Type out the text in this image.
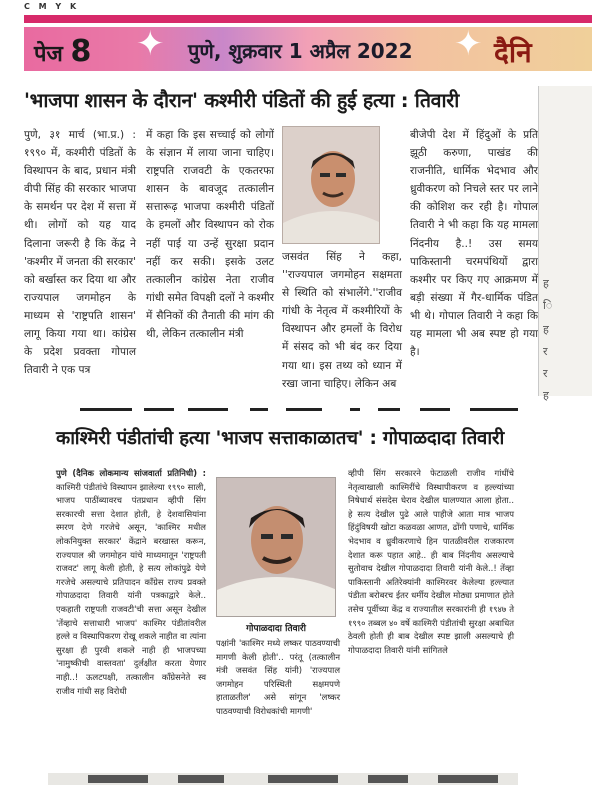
C M Y K
पेज 8 ✦ पुणे, शुक्रवार 1 अप्रैल 2022 ✦ दैनि
'भाजपा शासन के दौरान' कश्मीरी पंडितों की हुई हत्या : तिवारी
पुणे, ३१ मार्च (भा.प्र.) : १९९० में, कश्मीरी पंडितों के विस्थापन के बाद, प्रधान मंत्री वीपी सिंह की सरकार भाजपा के समर्थन पर देश में सत्ता में थी। लोगों को यह याद दिलाना जरूरी है कि केंद्र ने 'कश्मीर में जनता की सरकार' को बर्खास्त कर दिया था और राज्यपाल जगमोहन के माध्यम से 'राष्ट्रपति शासन' लागू किया गया था। कांग्रेस के प्रदेश प्रवक्ता गोपाल तिवारी ने एक पत्र
में कहा कि इस सच्चाई को लोगों के संज्ञान में लाया जाना चाहिए। राष्ट्रपति राजवटी के एकतरफा शासन के बावजूद तत्कालीन सत्तारूढ़ भाजपा कश्मीरी पंडितों के हमलों और विस्थापन को रोक नहीं पाई या उन्हें सुरक्षा प्रदान नहीं कर सकी। इसके उलट तत्कालीन कांग्रेस नेता राजीव गांधी समेत विपक्षी दलों ने कश्मीर में सैनिकों की तैनाती की मांग की थी, लेकिन तत्कालीन मंत्री
जसवंत सिंह ने कहा, ''राज्यपाल जगमोहन सक्षमता से स्थिति को संभालेंगे.''राजीव गांधी के नेतृत्व में कश्मीरियों के विस्थापन और हमलों के विरोध में संसद को भी बंद कर दिया गया था। इस तथ्य को ध्यान में रखा जाना चाहिए। लेकिन अब
बीजेपी देश में हिंदुओं के प्रति झूठी करुणा, पाखंड की राजनीति, धार्मिक भेदभाव और ध्रुवीकरण को निचले स्तर पर लाने की कोशिश कर रही है। गोपाल तिवारी ने भी कहा कि यह मामला निंदनीय है..! उस समय पाकिस्तानी चरमपंथियों द्वारा कश्मीर पर किए गए आक्रमण में बड़ी संख्या में गैर-धार्मिक पंडित भी थे। गोपाल तिवारी ने कहा कि यह मामला भी अब स्पष्ट हो गया है।
ह
ि
ह
र
र
ह
काश्मिरी पंडीतांची हत्या 'भाजप सत्ताकाळातच' : गोपाळदादा तिवारी
पुणे (दैनिक लोकमान्य सांजवार्ता प्रतिनिधी) : काश्मिरी पंडीतांचे विस्थापन झालेल्या १९९० साली, भाजप पाठींब्यावरच पंतप्रधान व्हीपी सिंग सरकारची सत्ता देशात होती, हे देशवासियांना स्मरण देणे गरजेचे असून, 'काश्मिर मधील लोकनियुक्त सरकार' केंद्राने बरखास्त करून, राज्यपाल श्री जगमोहन यांचे माध्यमातून 'राष्ट्रपती राजवट' लागू केली होती, हे सत्य लोकांपुढे येणे गरजेचे असल्याचे प्रतिपादन काँग्रेस राज्य प्रवक्ते गोपाळदादा तिवारी यांनी पत्रकाद्वारे केले.. एकहाती राष्ट्रपती राजवटी'ची सत्ता असून देखील 'तेंव्हाचे सत्ताधारी भाजप' काश्मिर पंडीतांवरील हल्ले व विस्थापिकरण रोखू शकले नाहीत वा त्यांना सुरक्षा ही पुरवी शकले नाही ही भाजपच्या 'नामुष्कीची वास्तवता' दुर्लक्षीत करता येणार नाही..! ऊलटपक्षी, तत्कालीन काँग्रेसनेते स्व राजीव गांधी सह विरोधी
गोपाळदादा तिवारी
पक्षांनी 'काश्मिर मध्ये लष्कर पाठवण्याची मागणी केली होती'.. परंतू (तत्कालीन मंत्री जसवंत सिंह यांनी) 'राज्यपाल जगमोहन परिस्थिती सक्षमपणे हाताळतील' असे सांगून 'लष्कर पाठवण्याची विरोधकांची मागणी'
व्हीपी सिंग सरकारने फेटाळली राजीव गांधींचे नेतृत्वाखाली काश्मिरींचे विस्थापीकरण व हल्ल्यांच्या निषेधार्थ संसदेस घेराव देखील घालण्यात आला होता.. हे सत्य देखील पुढे आले पाहीजे आता मात्र भाजप हिंदुंविषयी खोटा कळवळा आणत, ढोंगी पणाचे, धार्मिक भेदभाव व ध्रुवीकरणाचे हिन पातळीवरील राजकारण देशात करू पहात आहे.. ही बाब निंदनीय असल्याचे सुतोवाच देखील गोपाळदादा तिवारी यांनी केले..! तेंव्हा पाकिस्तानी अतिरेक्यांनी काश्मिरवर केलेल्या हल्ल्यात पंडीता बरोबरच ईतर धर्मीय देखील मोठ्या प्रमाणात होते तसेच पूर्वीच्या केंद्र व राज्यातील सरकारांनी ही १९४७ ते १९९० तब्बल ४० वर्षे काश्मिरी पंडीतांची सुरक्षा अबाधित ठेवली होती ही बाब देखील स्पष्ट झाली असल्याचे ही गोपाळदादा तिवारी यांनी सांगितले
